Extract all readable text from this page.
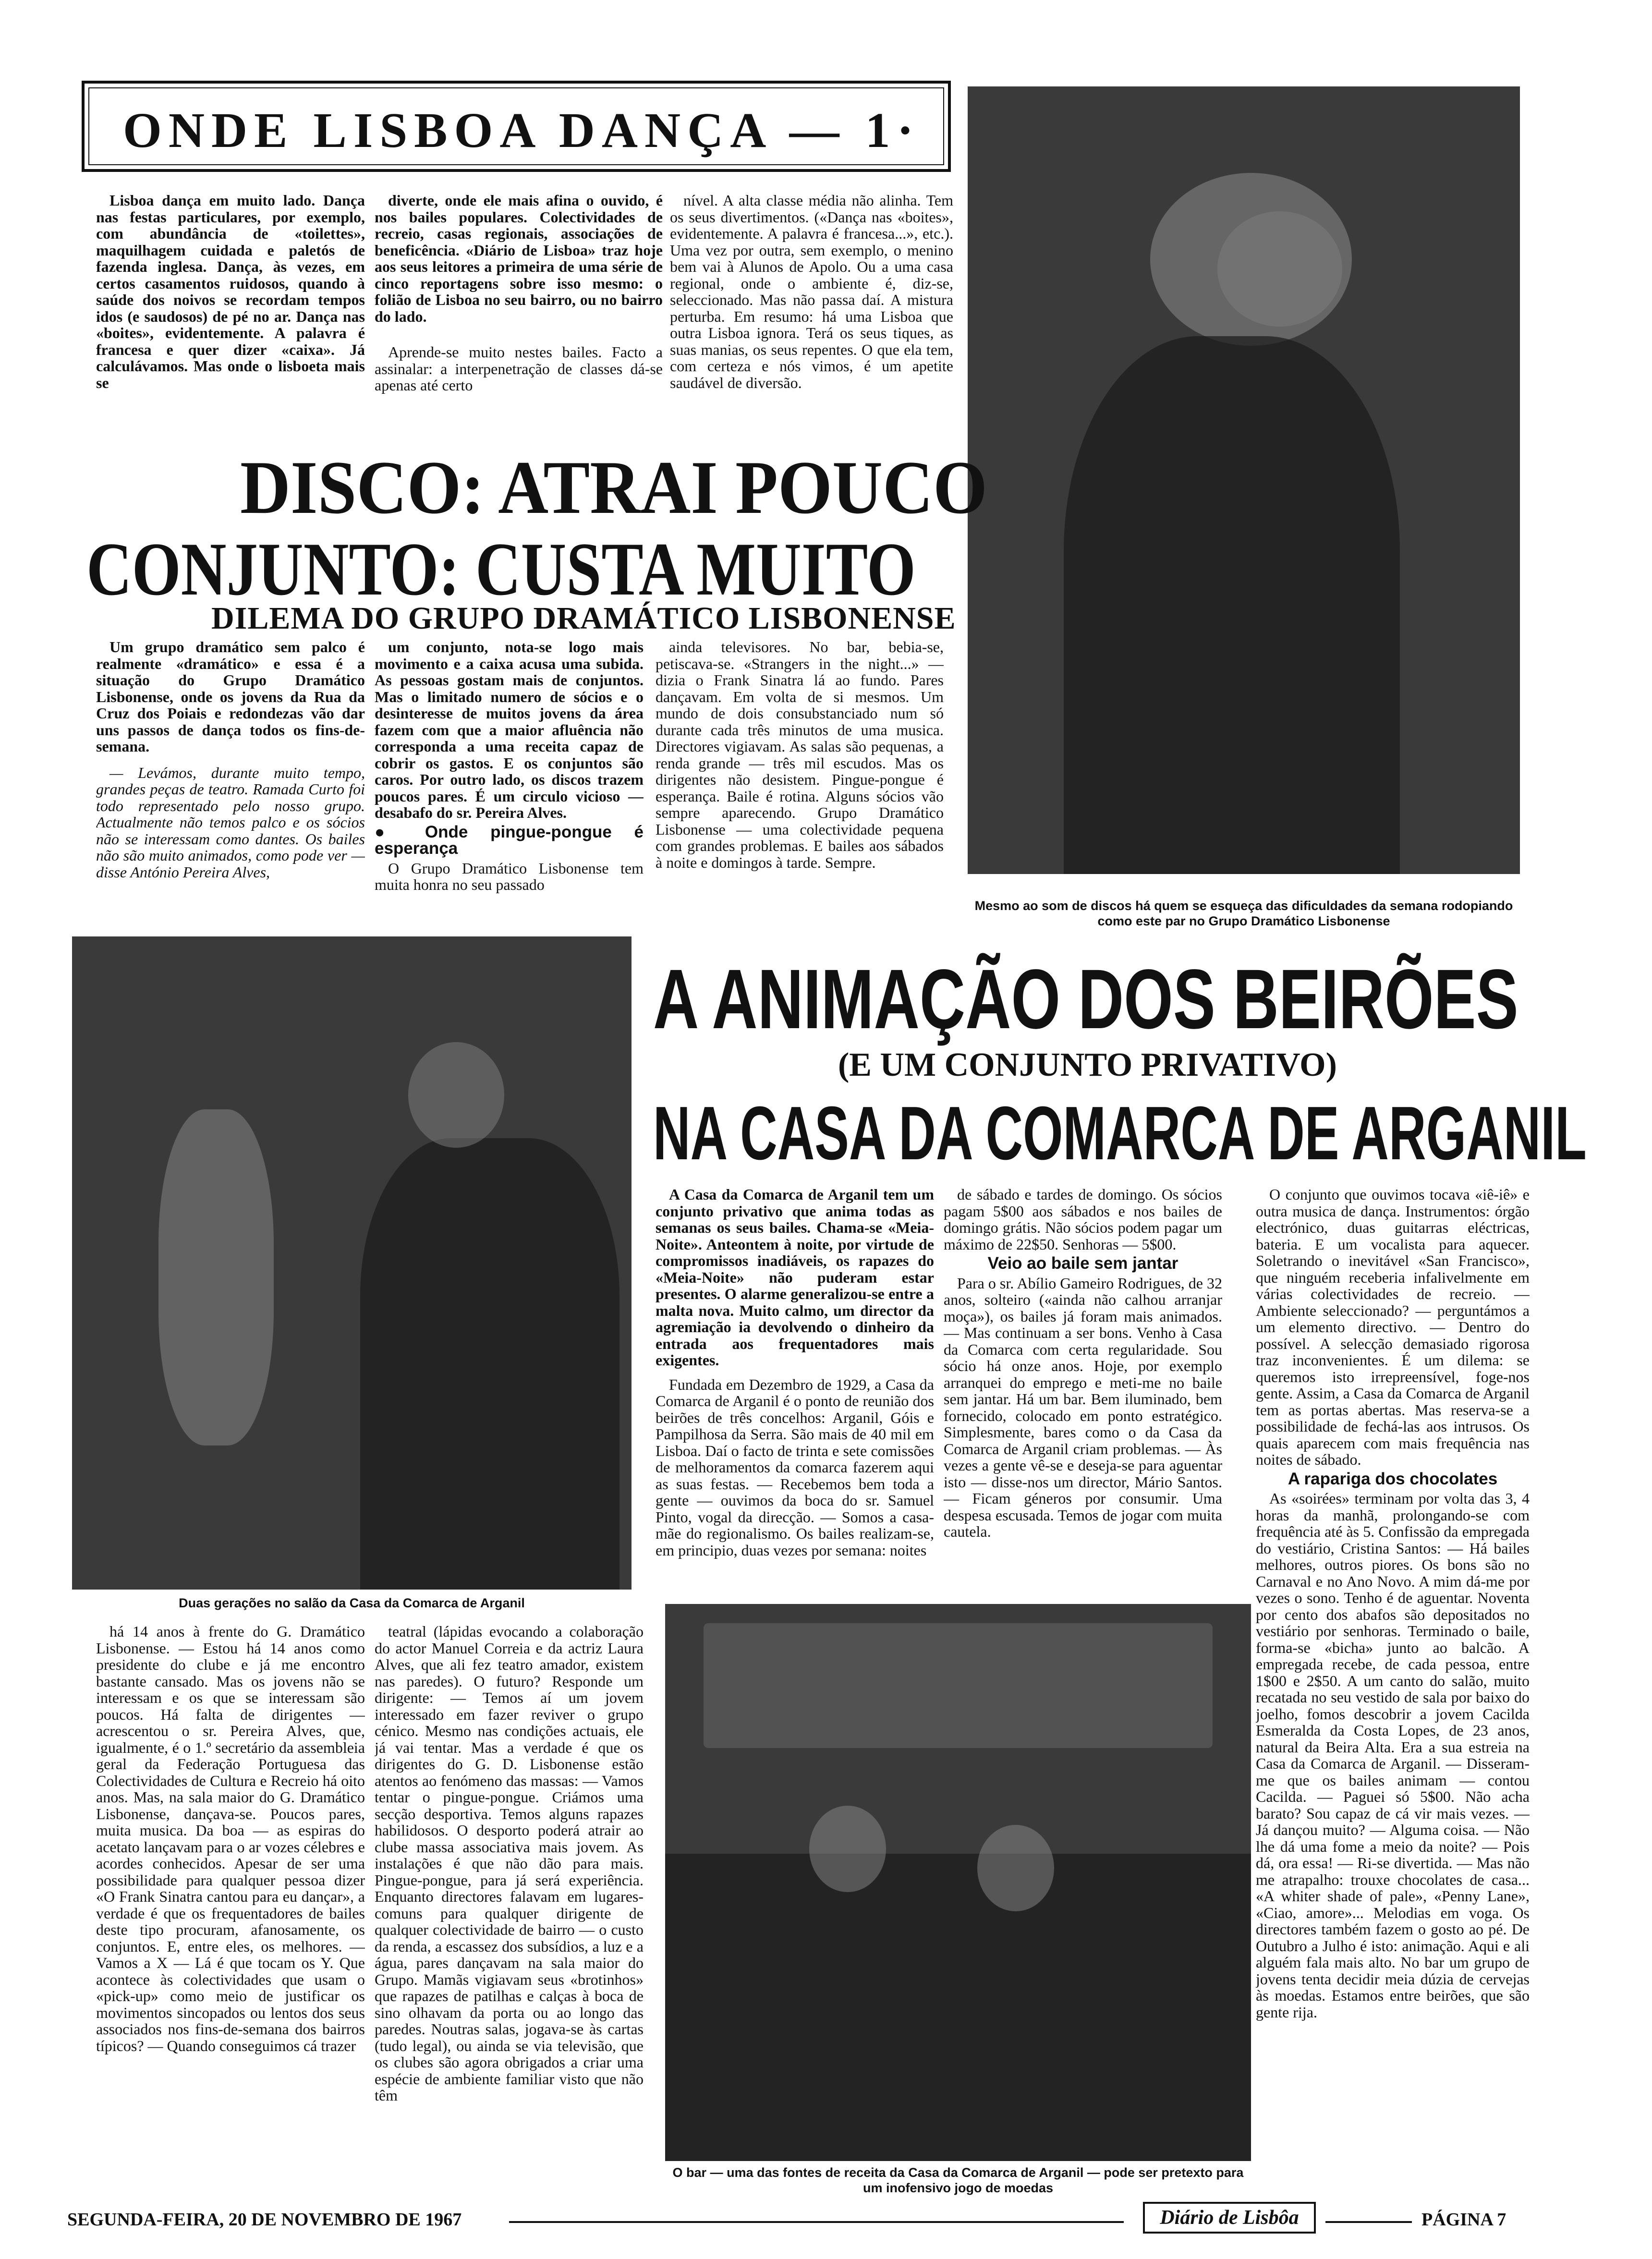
ONDE LISBOA DANÇA — 1·

Lisboa dança em muito lado. Dança nas festas particulares, por exemplo, com abundância de «toilettes», maquilhagem cuidada e paletós de fazenda inglesa. Dança, às vezes, em certos casamentos ruidosos, quando à saúde dos noivos se recordam tempos idos (e saudosos) de pé no ar. Dança nas «boites», evidentemente. A palavra é francesa e quer dizer «caixa». Já calculávamos. Mas onde o lisboeta mais se

diverte, onde ele mais afina o ouvido, é nos bailes populares. Colectividades de recreio, casas regionais, associações de beneficência. «Diário de Lisboa» traz hoje aos seus leitores a primeira de uma série de cinco reportagens sobre isso mesmo: o folião de Lisboa no seu bairro, ou no bairro do lado.

Aprende-se muito nestes bailes. Facto a assinalar: a interpenetração de classes dá-se apenas até certo

nível. A alta classe média não alinha. Tem os seus divertimentos. («Dança nas «boites», evidentemente. A palavra é francesa...», etc.). Uma vez por outra, sem exemplo, o menino bem vai à Alunos de Apolo. Ou a uma casa regional, onde o ambiente é, diz-se, seleccionado. Mas não passa daí. A mistura perturba. Em resumo: há uma Lisboa que outra Lisboa ignora. Terá os seus tiques, as suas manias, os seus repentes. O que ela tem, com certeza e nós vimos, é um apetite saudável de diversão.

Mesmo ao som de discos há quem se esqueça das dificuldades da semana rodopiando como este par no Grupo Dramático Lisbonense
DISCO: ATRAI POUCO
CONJUNTO: CUSTA MUITO
DILEMA DO GRUPO DRAMÁTICO LISBONENSE

Um grupo dramático sem palco é realmente «dramático» e essa é a situação do Grupo Dramático Lisbonense, onde os jovens da Rua da Cruz dos Poiais e redondezas vão dar uns passos de dança todos os fins-de-semana.

— Levámos, durante muito tempo, grandes peças de teatro. Ramada Curto foi todo representado pelo nosso grupo. Actualmente não temos palco e os sócios não se interessam como dantes. Os bailes não são muito animados, como pode ver — disse António Pereira Alves,

um conjunto, nota-se logo mais movimento e a caixa acusa uma subida. As pessoas gostam mais de conjuntos. Mas o limitado numero de sócios e o desinteresse de muitos jovens da área fazem com que a maior afluência não corresponda a uma receita capaz de cobrir os gastos. E os conjuntos são caros. Por outro lado, os discos trazem poucos pares. É um circulo vicioso — desabafo do sr. Pereira Alves.

● Onde pingue-pongue é esperança

O Grupo Dramático Lisbonense tem muita honra no seu passado

ainda televisores. No bar, bebia-se, petiscava-se. «Strangers in the night...» — dizia o Frank Sinatra lá ao fundo. Pares dançavam. Em volta de si mesmos. Um mundo de dois consubstanciado num só durante cada três minutos de uma musica. Directores vigiavam. As salas são pequenas, a renda grande — três mil escudos. Mas os dirigentes não desistem. Pingue-pongue é esperança. Baile é rotina. Alguns sócios vão sempre aparecendo. Grupo Dramático Lisbonense — uma colectividade pequena com grandes problemas. E bailes aos sábados à noite e domingos à tarde. Sempre.

Duas gerações no salão da Casa da Comarca de Arganil
A ANIMAÇÃO DOS BEIRÕES
(E UM CONJUNTO PRIVATIVO)
NA CASA DA COMARCA DE ARGANIL

A Casa da Comarca de Arganil tem um conjunto privativo que anima todas as semanas os seus bailes. Chama-se «Meia-Noite». Anteontem à noite, por virtude de compromissos inadiáveis, os rapazes do «Meia-Noite» não puderam estar presentes. O alarme generalizou-se entre a malta nova. Muito calmo, um director da agremiação ia devolvendo o dinheiro da entrada aos frequentadores mais exigentes.

Fundada em Dezembro de 1929, a Casa da Comarca de Arganil é o ponto de reunião dos beirões de três concelhos: Arganil, Góis e Pampilhosa da Serra. São mais de 40 mil em Lisboa. Daí o facto de trinta e sete comissões de melhoramentos da comarca fazerem aqui as suas festas. — Recebemos bem toda a gente — ouvimos da boca do sr. Samuel Pinto, vogal da direcção. — Somos a casa-mãe do regionalismo. Os bailes realizam-se, em principio, duas vezes por semana: noites

de sábado e tardes de domingo. Os sócios pagam 5$00 aos sábados e nos bailes de domingo grátis. Não sócios podem pagar um máximo de 22$50. Senhoras — 5$00.

Veio ao baile sem jantar

Para o sr. Abílio Gameiro Rodrigues, de 32 anos, solteiro («ainda não calhou arranjar moça»), os bailes já foram mais animados. — Mas continuam a ser bons. Venho à Casa da Comarca com certa regularidade. Sou sócio há onze anos. Hoje, por exemplo arranquei do emprego e meti-me no baile sem jantar. Há um bar. Bem iluminado, bem fornecido, colocado em ponto estratégico. Simplesmente, bares como o da Casa da Comarca de Arganil criam problemas. — Às vezes a gente vê-se e deseja-se para aguentar isto — disse-nos um director, Mário Santos. — Ficam géneros por consumir. Uma despesa escusada. Temos de jogar com muita cautela.

O conjunto que ouvimos tocava «iê-iê» e outra musica de dança. Instrumentos: órgão electrónico, duas guitarras eléctricas, bateria. E um vocalista para aquecer. Soletrando o inevitável «San Francisco», que ninguém receberia infalivelmente em várias colectividades de recreio. — Ambiente seleccionado? — perguntámos a um elemento directivo. — Dentro do possível. A selecção demasiado rigorosa traz inconvenientes. É um dilema: se queremos isto irrepreensível, foge-nos gente. Assim, a Casa da Comarca de Arganil tem as portas abertas. Mas reserva-se a possibilidade de fechá-las aos intrusos. Os quais aparecem com mais frequência nas noites de sábado.

A rapariga dos chocolates

As «soirées» terminam por volta das 3, 4 horas da manhã, prolongando-se com frequência até às 5. Confissão da empregada do vestiário, Cristina Santos: — Há bailes melhores, outros piores. Os bons são no Carnaval e no Ano Novo. A mim dá-me por vezes o sono. Tenho é de aguentar. Noventa por cento dos abafos são depositados no vestiário por senhoras. Terminado o baile, forma-se «bicha» junto ao balcão. A empregada recebe, de cada pessoa, entre 1$00 e 2$50. A um canto do salão, muito recatada no seu vestido de sala por baixo do joelho, fomos descobrir a jovem Cacilda Esmeralda da Costa Lopes, de 23 anos, natural da Beira Alta. Era a sua estreia na Casa da Comarca de Arganil. — Disseram-me que os bailes animam — contou Cacilda. — Paguei só 5$00. Não acha barato? Sou capaz de cá vir mais vezes. — Já dançou muito? — Alguma coisa. — Não lhe dá uma fome a meio da noite? — Pois dá, ora essa! — Ri-se divertida. — Mas não me atrapalho: trouxe chocolates de casa... «A whiter shade of pale», «Penny Lane», «Ciao, amore»... Melodias em voga. Os directores também fazem o gosto ao pé. De Outubro a Julho é isto: animação. Aqui e ali alguém fala mais alto. No bar um grupo de jovens tenta decidir meia dúzia de cervejas às moedas. Estamos entre beirões, que são gente rija.

há 14 anos à frente do G. Dramático Lisbonense. — Estou há 14 anos como presidente do clube e já me encontro bastante cansado. Mas os jovens não se interessam e os que se interessam são poucos. Há falta de dirigentes — acrescentou o sr. Pereira Alves, que, igualmente, é o 1.º secretário da assembleia geral da Federação Portuguesa das Colectividades de Cultura e Recreio há oito anos. Mas, na sala maior do G. Dramático Lisbonense, dançava-se. Poucos pares, muita musica. Da boa — as espiras do acetato lançavam para o ar vozes célebres e acordes conhecidos. Apesar de ser uma possibilidade para qualquer pessoa dizer «O Frank Sinatra cantou para eu dançar», a verdade é que os frequentadores de bailes deste tipo procuram, afanosamente, os conjuntos. E, entre eles, os melhores. — Vamos a X — Lá é que tocam os Y. Que acontece às colectividades que usam o «pick-up» como meio de justificar os movimentos sincopados ou lentos dos seus associados nos fins-de-semana dos bairros típicos? — Quando conseguimos cá trazer

teatral (lápidas evocando a colaboração do actor Manuel Correia e da actriz Laura Alves, que ali fez teatro amador, existem nas paredes). O futuro? Responde um dirigente: — Temos aí um jovem interessado em fazer reviver o grupo cénico. Mesmo nas condições actuais, ele já vai tentar. Mas a verdade é que os dirigentes do G. D. Lisbonense estão atentos ao fenómeno das massas: — Vamos tentar o pingue-pongue. Criámos uma secção desportiva. Temos alguns rapazes habilidosos. O desporto poderá atrair ao clube massa associativa mais jovem. As instalações é que não dão para mais. Pingue-pongue, para já será experiência. Enquanto directores falavam em lugares-comuns para qualquer dirigente de qualquer colectividade de bairro — o custo da renda, a escassez dos subsídios, a luz e a água, pares dançavam na sala maior do Grupo. Mamãs vigiavam seus «brotinhos» que rapazes de patilhas e calças à boca de sino olhavam da porta ou ao longo das paredes. Noutras salas, jogava-se às cartas (tudo legal), ou ainda se via televisão, que os clubes são agora obrigados a criar uma espécie de ambiente familiar visto que não têm

O bar — uma das fontes de receita da Casa da Comarca de Arganil — pode ser pretexto para um inofensivo jogo de moedas
SEGUNDA-FEIRA, 20 DE NOVEMBRO DE 1967	Diário de Lisbôa	PÁGINA 7
